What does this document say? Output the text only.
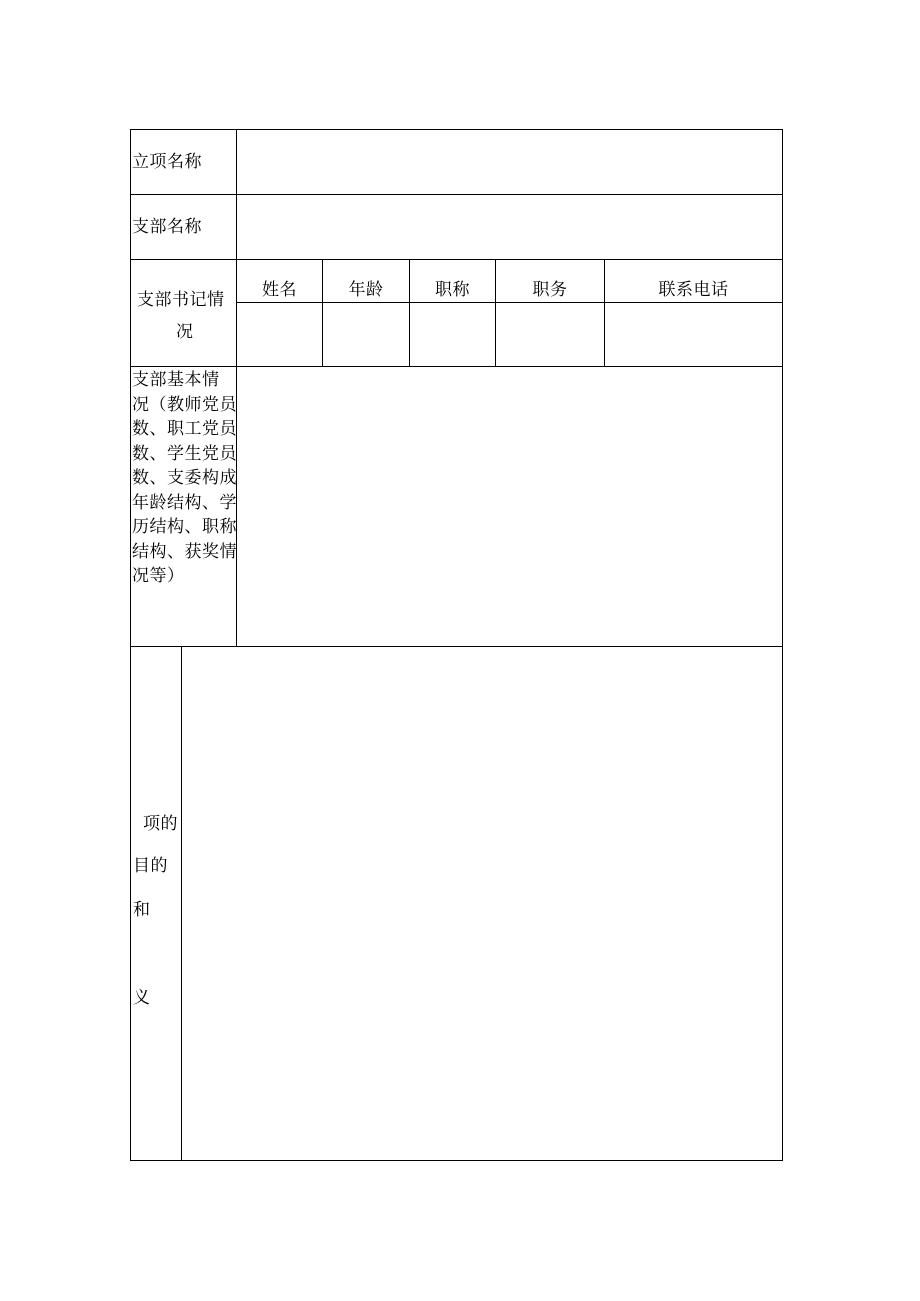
立项名称
支部名称
支部书记情
况
姓名	年龄	职称	职务	联系电话
支部基本情
况（教师党员
数、职工党员
数、学生党员
数、支委构成
年龄结构、学
历结构、职称
结构、获奖情
况等）
项的
目的
和
义
